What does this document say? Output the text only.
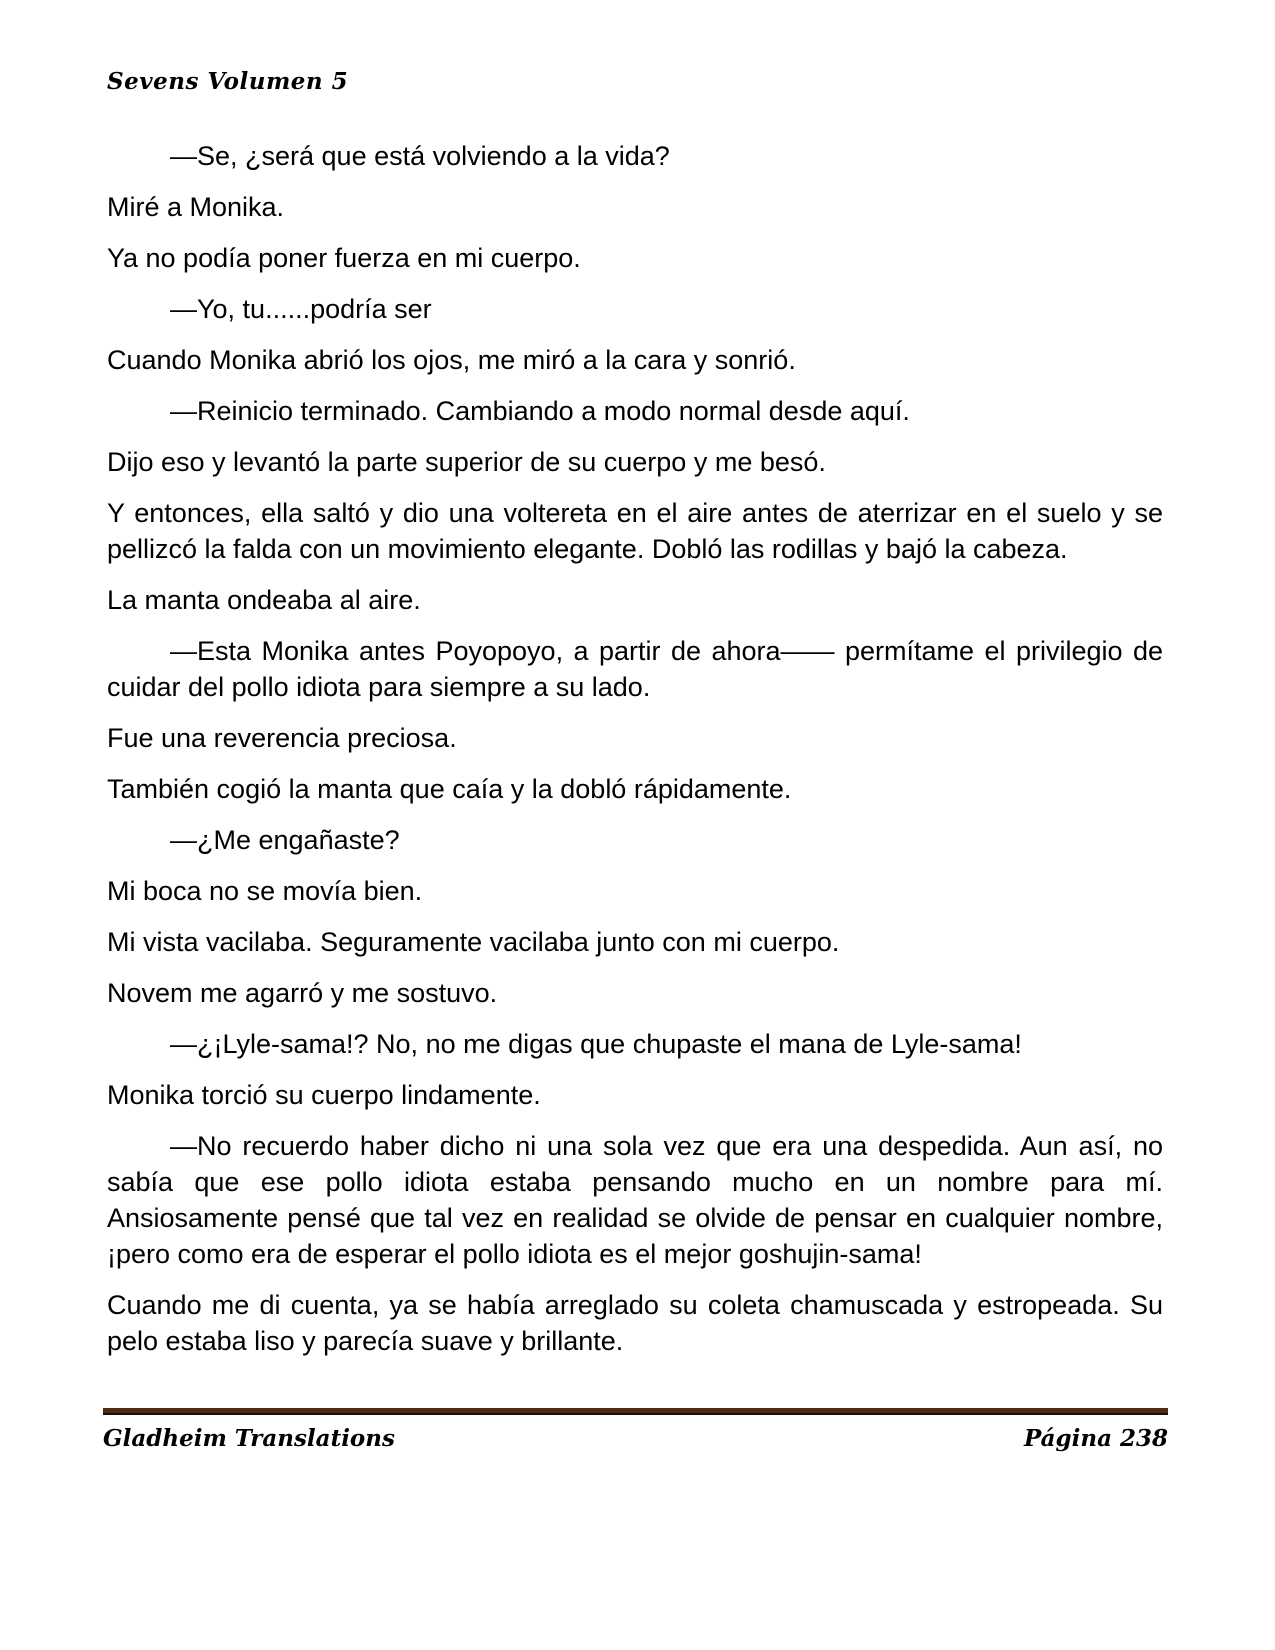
Sevens Volumen 5

—Se, ¿será que está volviendo a la vida?

Miré a Monika.

Ya no podía poner fuerza en mi cuerpo.

—Yo, tu......podría ser

Cuando Monika abrió los ojos, me miró a la cara y sonrió.

—Reinicio terminado. Cambiando a modo normal desde aquí.

Dijo eso y levantó la parte superior de su cuerpo y me besó.

Y entonces, ella saltó y dio una voltereta en el aire antes de aterrizar en el suelo y se pellizcó la falda con un movimiento elegante. Dobló las rodillas y bajó la cabeza.

La manta ondeaba al aire.

—Esta Monika antes Poyopoyo, a partir de ahora—— permítame el privilegio de cuidar del pollo idiota para siempre a su lado.

Fue una reverencia preciosa.

También cogió la manta que caía y la dobló rápidamente.

—¿Me engañaste?

Mi boca no se movía bien.

Mi vista vacilaba. Seguramente vacilaba junto con mi cuerpo.

Novem me agarró y me sostuvo.

—¿¡Lyle-sama!? No, no me digas que chupaste el mana de Lyle-sama!

Monika torció su cuerpo lindamente.

—No recuerdo haber dicho ni una sola vez que era una despedida. Aun así, no sabía que ese pollo idiota estaba pensando mucho en un nombre para mí. Ansiosamente pensé que tal vez en realidad se olvide de pensar en cualquier nombre, ¡pero como era de esperar el pollo idiota es el mejor goshujin-sama!

Cuando me di cuenta, ya se había arreglado su coleta chamuscada y estropeada. Su pelo estaba liso y parecía suave y brillante.

Gladheim Translations	Página 238
